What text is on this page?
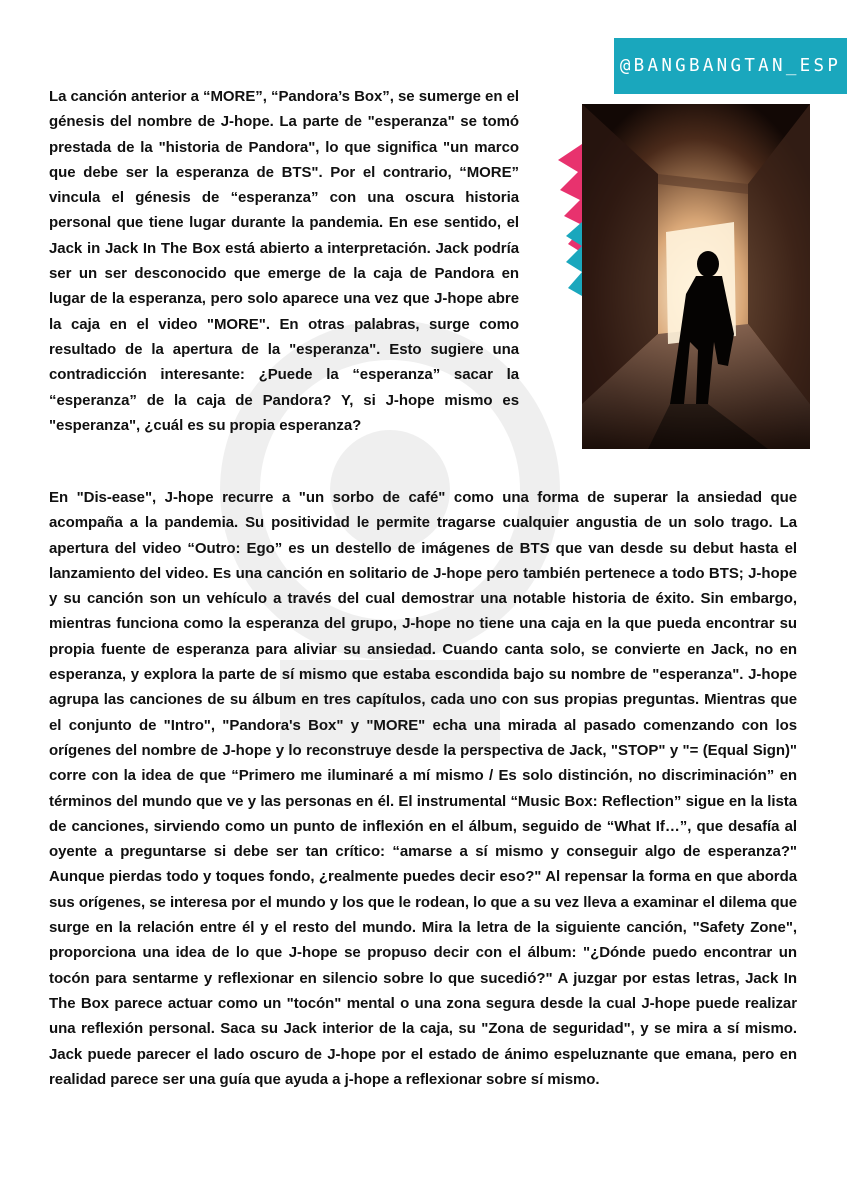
@BANGBANGTAN_ESP

La canción anterior a “MORE”, “Pandora’s Box”, se sumerge en el génesis del nombre de J-hope. La parte de "esperanza" se tomó prestada de la "historia de Pandora", lo que significa "un marco que debe ser la esperanza de BTS". Por el contrario, “MORE” vincula el génesis de “esperanza” con una oscura historia personal que tiene lugar durante la pandemia. En ese sentido, el Jack in Jack In The Box está abierto a interpretación. Jack podría ser un ser desconocido que emerge de la caja de Pandora en lugar de la esperanza, pero solo aparece una vez que J-hope abre la caja en el video "MORE". En otras palabras, surge como resultado de la apertura de la "esperanza". Esto sugiere una contradicción interesante: ¿Puede la “esperanza” sacar la “esperanza” de la caja de Pandora? Y, si J-hope mismo es "esperanza", ¿cuál es su propia esperanza?

En "Dis-ease", J-hope recurre a "un sorbo de café" como una forma de superar la ansiedad que acompaña a la pandemia. Su positividad le permite tragarse cualquier angustia de un solo trago. La apertura del video “Outro: Ego” es un destello de imágenes de BTS que van desde su debut hasta el lanzamiento del video. Es una canción en solitario de J-hope pero también pertenece a todo BTS; J-hope y su canción son un vehículo a través del cual demostrar una notable historia de éxito. Sin embargo, mientras funciona como la esperanza del grupo, J-hope no tiene una caja en la que pueda encontrar su propia fuente de esperanza para aliviar su ansiedad. Cuando canta solo, se convierte en Jack, no en esperanza, y explora la parte de sí mismo que estaba escondida bajo su nombre de "esperanza". J-hope agrupa las canciones de su álbum en tres capítulos, cada uno con sus propias preguntas. Mientras que el conjunto de "Intro", "Pandora's Box" y "MORE" echa una mirada al pasado comenzando con los orígenes del nombre de J-hope y lo reconstruye desde la perspectiva de Jack, "STOP" y "= (Equal Sign)" corre con la idea de que “Primero me iluminaré a mí mismo / Es solo distinción, no discriminación” en términos del mundo que ve y las personas en él. El instrumental “Music Box: Reflection” sigue en la lista de canciones, sirviendo como un punto de inflexión en el álbum, seguido de “What If…”, que desafía al oyente a preguntarse si debe ser tan crítico: “amarse a sí mismo y conseguir algo de esperanza?" Aunque pierdas todo y toques fondo, ¿realmente puedes decir eso?" Al repensar la forma en que aborda sus orígenes, se interesa por el mundo y los que le rodean, lo que a su vez lleva a examinar el dilema que surge en la relación entre él y el resto del mundo. Mira la letra de la siguiente canción, "Safety Zone", proporciona una idea de lo que J-hope se propuso decir con el álbum: "¿Dónde puedo encontrar un tocón para sentarme y reflexionar en silencio sobre lo que sucedió?" A juzgar por estas letras, Jack In The Box parece actuar como un "tocón" mental o una zona segura desde la cual J-hope puede realizar una reflexión personal. Saca su Jack interior de la caja, su "Zona de seguridad", y se mira a sí mismo. Jack puede parecer el lado oscuro de J-hope por el estado de ánimo espeluznante que emana, pero en realidad parece ser una guía que ayuda a j-hope a reflexionar sobre sí mismo.
